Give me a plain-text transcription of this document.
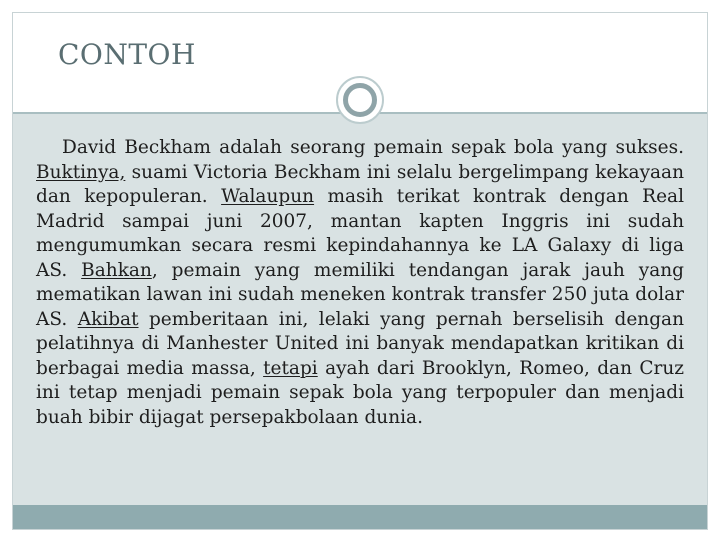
CONTOH

David Beckham adalah seorang pemain sepak bola yang sukses. Buktinya, suami Victoria Beckham ini selalu bergelimpang kekayaan dan kepopuleran. Walaupun masih terikat kontrak dengan Real Madrid sampai juni 2007, mantan kapten Inggris ini sudah mengumumkan secara resmi kepindahannya ke LA Galaxy di liga AS. Bahkan, pemain yang memiliki tendangan jarak jauh yang mematikan lawan ini sudah meneken kontrak transfer 250 juta dolar AS. Akibat pemberitaan ini, lelaki yang pernah berselisih dengan pelatihnya di Manhester United ini banyak mendapatkan kritikan di berbagai media massa, tetapi ayah dari Brooklyn, Romeo, dan Cruz ini tetap menjadi pemain sepak bola yang terpopuler dan menjadi buah bibir dijagat persepakbolaan dunia.
